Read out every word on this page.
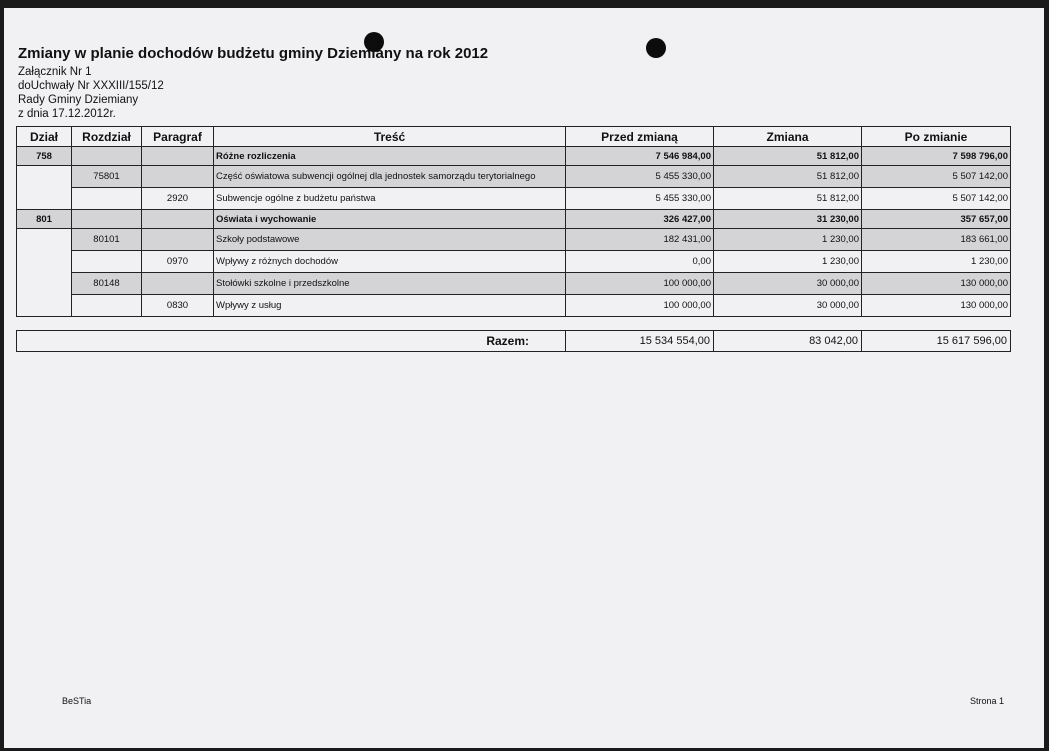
Zmiany w planie dochodów budżetu gminy Dziemiany na rok 2012
Załącznik Nr 1
doUchwały Nr XXXIII/155/12
Rady Gminy Dziemiany
z dnia 17.12.2012r.
Dział	Rozdział	Paragraf	Treść	Przed zmianą	Zmiana	Po zmianie
758			Różne rozliczenia	7 546 984,00	51 812,00	7 598 796,00
	75801		Część oświatowa subwencji ogólnej dla jednostek samorządu terytorialnego	5 455 330,00	51 812,00	5 507 142,00
		2920	Subwencje ogólne z budżetu państwa	5 455 330,00	51 812,00	5 507 142,00
801			Oświata i wychowanie	326 427,00	31 230,00	357 657,00
	80101		Szkoły podstawowe	182 431,00	1 230,00	183 661,00
		0970	Wpływy z różnych dochodów	0,00	1 230,00	1 230,00
	80148		Stołówki szkolne i przedszkolne	100 000,00	30 000,00	130 000,00
		0830	Wpływy z usług	100 000,00	30 000,00	130 000,00
Razem:	15 534 554,00	83 042,00	15 617 596,00
BeSTia	Strona 1
